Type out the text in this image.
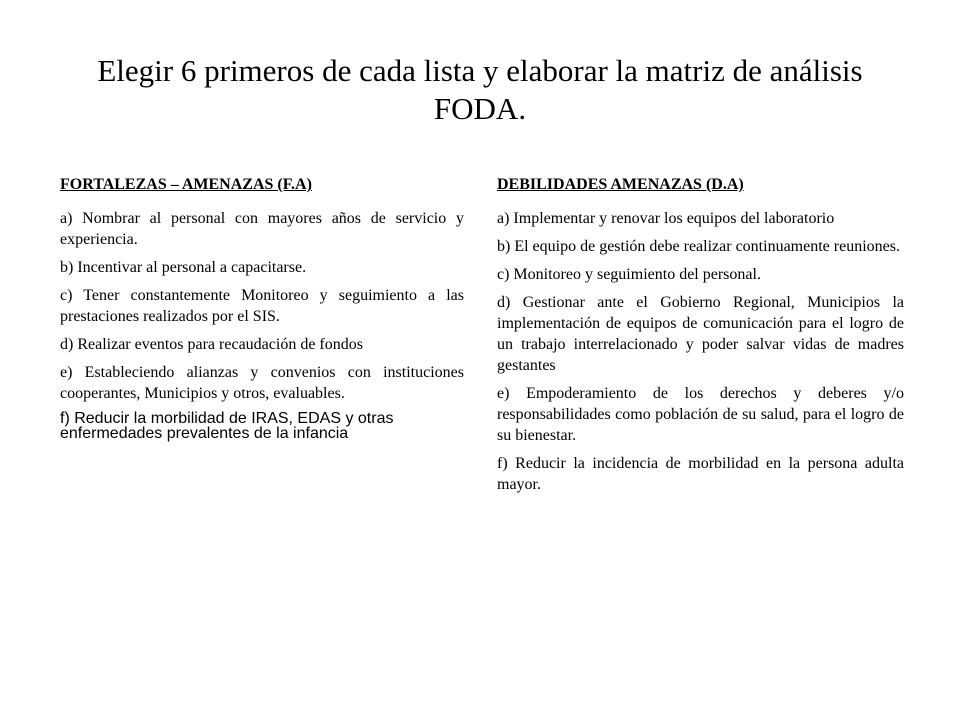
Elegir 6 primeros de cada lista y elaborar la matriz de análisis FODA.

FORTALEZAS – AMENAZAS (F.A)

a) Nombrar al personal con mayores años de servicio y experiencia.

b) Incentivar al personal a capacitarse.

c) Tener constantemente Monitoreo y seguimiento a las prestaciones realizados por el SIS.

d) Realizar eventos para recaudación de fondos

e) Estableciendo alianzas y convenios con instituciones cooperantes, Municipios y otros, evaluables.

f) Reducir la morbilidad de IRAS, EDAS y otras enfermedades prevalentes de la infancia

DEBILIDADES AMENAZAS (D.A)

a) Implementar y renovar los equipos del laboratorio

b) El equipo de gestión debe realizar continuamente reuniones.

c) Monitoreo y seguimiento del personal.

d) Gestionar ante el Gobierno Regional, Municipios la implementación de equipos de comunicación para el logro de un trabajo interrelacionado y poder salvar vidas de madres gestantes

e) Empoderamiento de los derechos y deberes y/o responsabilidades como población de su salud, para el logro de su bienestar.

f) Reducir la incidencia de morbilidad en la persona adulta mayor.
